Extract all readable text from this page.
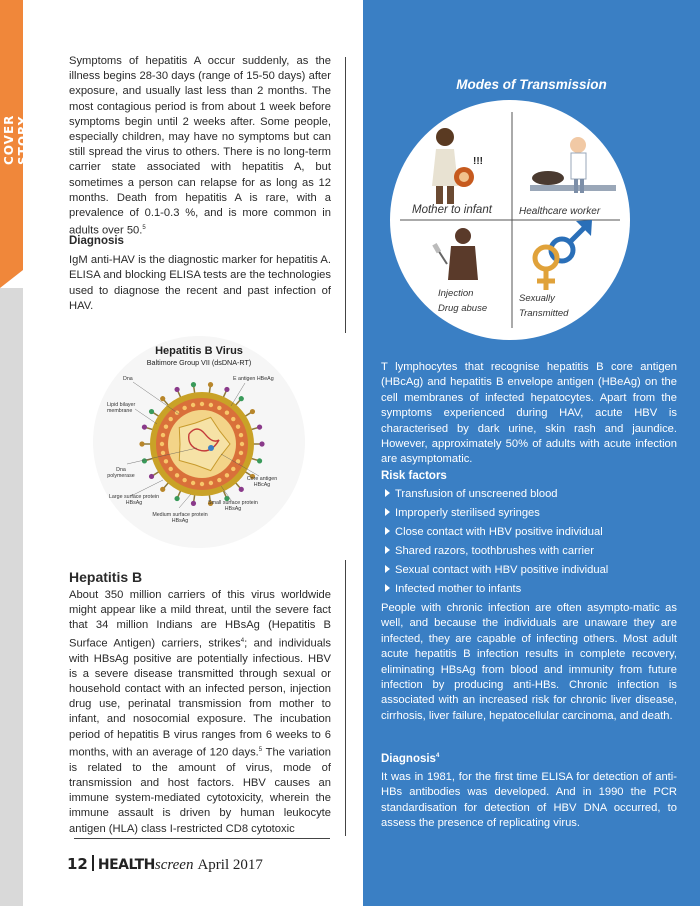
COVER STORY

Symptoms of hepatitis A occur suddenly, as the illness begins 28-30 days (range of 15-50 days) after exposure, and usually last less than 2 months. The most contagious period is from about 1 week before symptoms begin until 2 weeks after. Some people, especially children, may have no symptoms but can still spread the virus to others. There is no long-term carrier state associated with hepatitis A, but sometimes a person can relapse for as long as 12 months. Death from hepatitis A is rare, with a prevalence of 0.1-0.3 %, and is more common in adults over 50.$^5$

Diagnosis

IgM anti-HAV is the diagnostic marker for hepatitis A. ELISA and blocking ELISA tests are the technologies used to diagnose the recent and past infection of HAV.

Hepatitis B Virus
Baltimore Group VII (dsDNA-RT)
Dna	E antigen HBeAg
Lipid bilayer membrane
Dna polymerase	Core antigen HBcAg
Large surface protein HBsAg	Small surface protein HBsAg
Medium surface protein HBsAg
Hepatitis B

About 350 million carriers of this virus worldwide might appear like a mild threat, until the severe fact that 34 million Indians are HBsAg (Hepatitis B Surface Antigen) carriers, strikes$^4$; and individuals with HBsAg positive are potentially infectious. HBV is a severe disease transmitted through sexual or household contact with an infected person, injection drug use, perinatal transmission from mother to infant, and nosocomial exposure. The incubation period of hepatitis B virus ranges from 6 weeks to 6 months, with an average of 120 days.$^5$ The variation is related to the amount of virus, mode of transmission and host factors. HBV causes an immune system-mediated cytotoxicity, wherein the immune assault is driven by human leukocyte antigen (HLA) class I-restricted CD8 cytotoxic

Modes of Transmission
!!!
Mother to infant	Healthcare worker
Injection
Drug abuse
Sexually
Transmitted

T lymphocytes that recognise hepatitis B core antigen (HBcAg) and hepatitis B envelope antigen (HBeAg) on the cell membranes of infected hepatocytes. Apart from the symptoms experienced during HAV, acute HBV is characterised by dark urine, skin rash and jaundice. However, approximately 50% of adults with acute infection are asymptomatic.

Risk factors
Transfusion of unscreened blood
Improperly sterilised syringes
Close contact with HBV positive individual
Shared razors, toothbrushes with carrier
Sexual contact with HBV positive individual
Infected mother to infants

People with chronic infection are often asympto-matic as well, and because the individuals are unaware they are infected, they are capable of infecting others. Most adult acute hepatitis B infection results in complete recovery, eliminating HBsAg from blood and immunity from future infection by producing anti-HBs. Chronic infection is associated with an increased risk for chronic liver disease, cirrhosis, liver failure, hepatocellular carcinoma, and death.

Diagnosis$^4$

It was in 1981, for the first time ELISA for detection of anti-HBs antibodies was developed. And in 1990 the PCR standardisation for detection of HBV DNA occurred, to assess the presence of replicating virus.

12 HEALTHscreen April 2017
